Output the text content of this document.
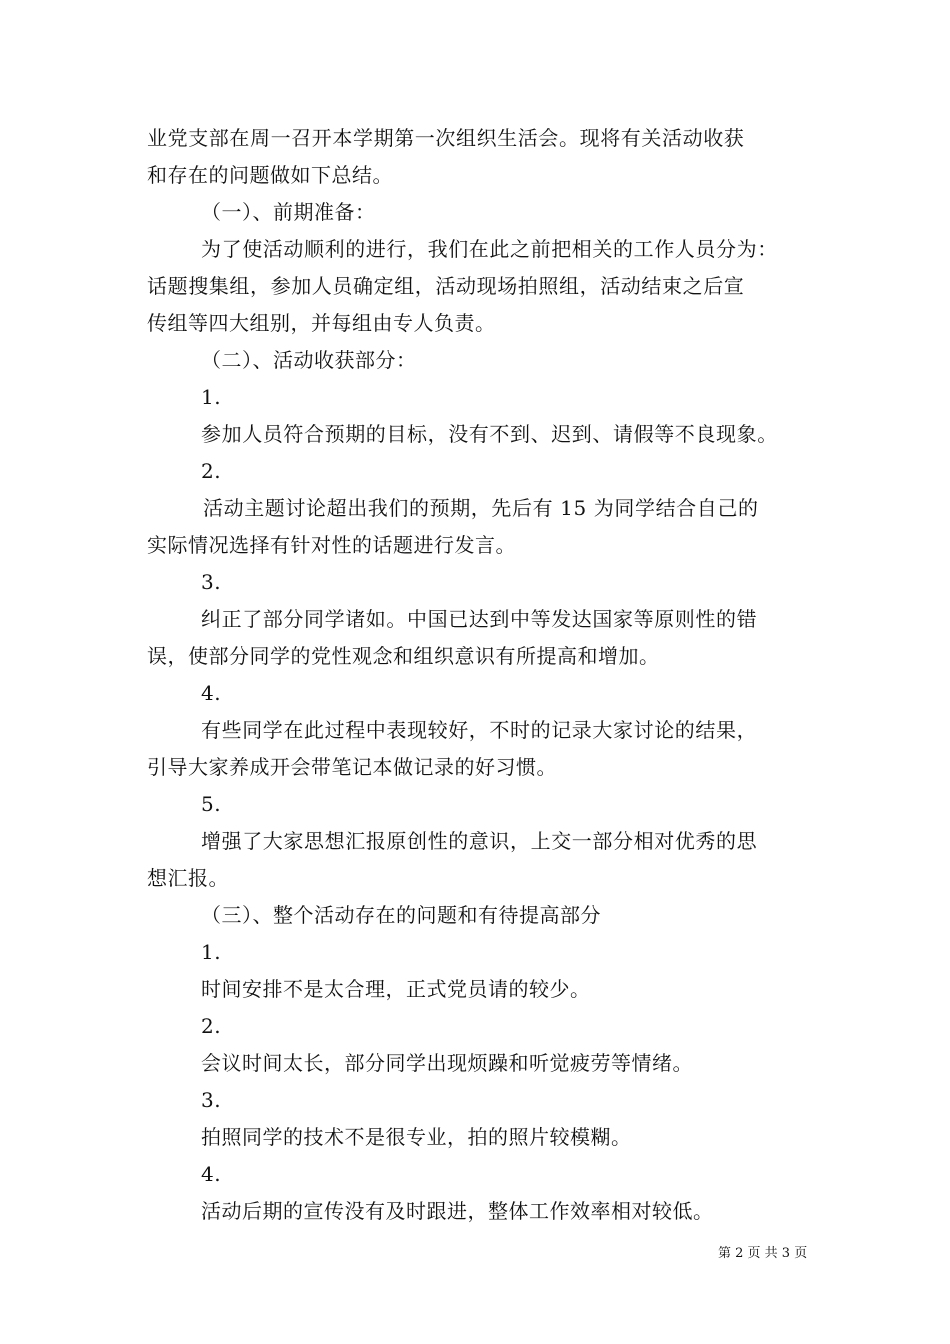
业党支部在周一召开本学期第一次组织生活会。现将有关活动收获
和存在的问题做如下总结。
（一）、前期准备：
为了使活动顺利的进行，我们在此之前把相关的工作人员分为：
话题搜集组，参加人员确定组，活动现场拍照组，活动结束之后宣
传组等四大组别，并每组由专人负责。
（二）、活动收获部分：
1.
参加人员符合预期的目标，没有不到、迟到、请假等不良现象。
2.
活动主题讨论超出我们的预期，先后有 15 为同学结合自己的
实际情况选择有针对性的话题进行发言。
3.
纠正了部分同学诸如。中国已达到中等发达国家等原则性的错
误，使部分同学的党性观念和组织意识有所提高和增加。
4.
有些同学在此过程中表现较好，不时的记录大家讨论的结果，
引导大家养成开会带笔记本做记录的好习惯。
5.
增强了大家思想汇报原创性的意识，上交一部分相对优秀的思
想汇报。
（三）、整个活动存在的问题和有待提高部分
1.
时间安排不是太合理，正式党员请的较少。
2.
会议时间太长，部分同学出现烦躁和听觉疲劳等情绪。
3.
拍照同学的技术不是很专业，拍的照片较模糊。
4.
活动后期的宣传没有及时跟进，整体工作效率相对较低。
第 2 页 共 3 页
